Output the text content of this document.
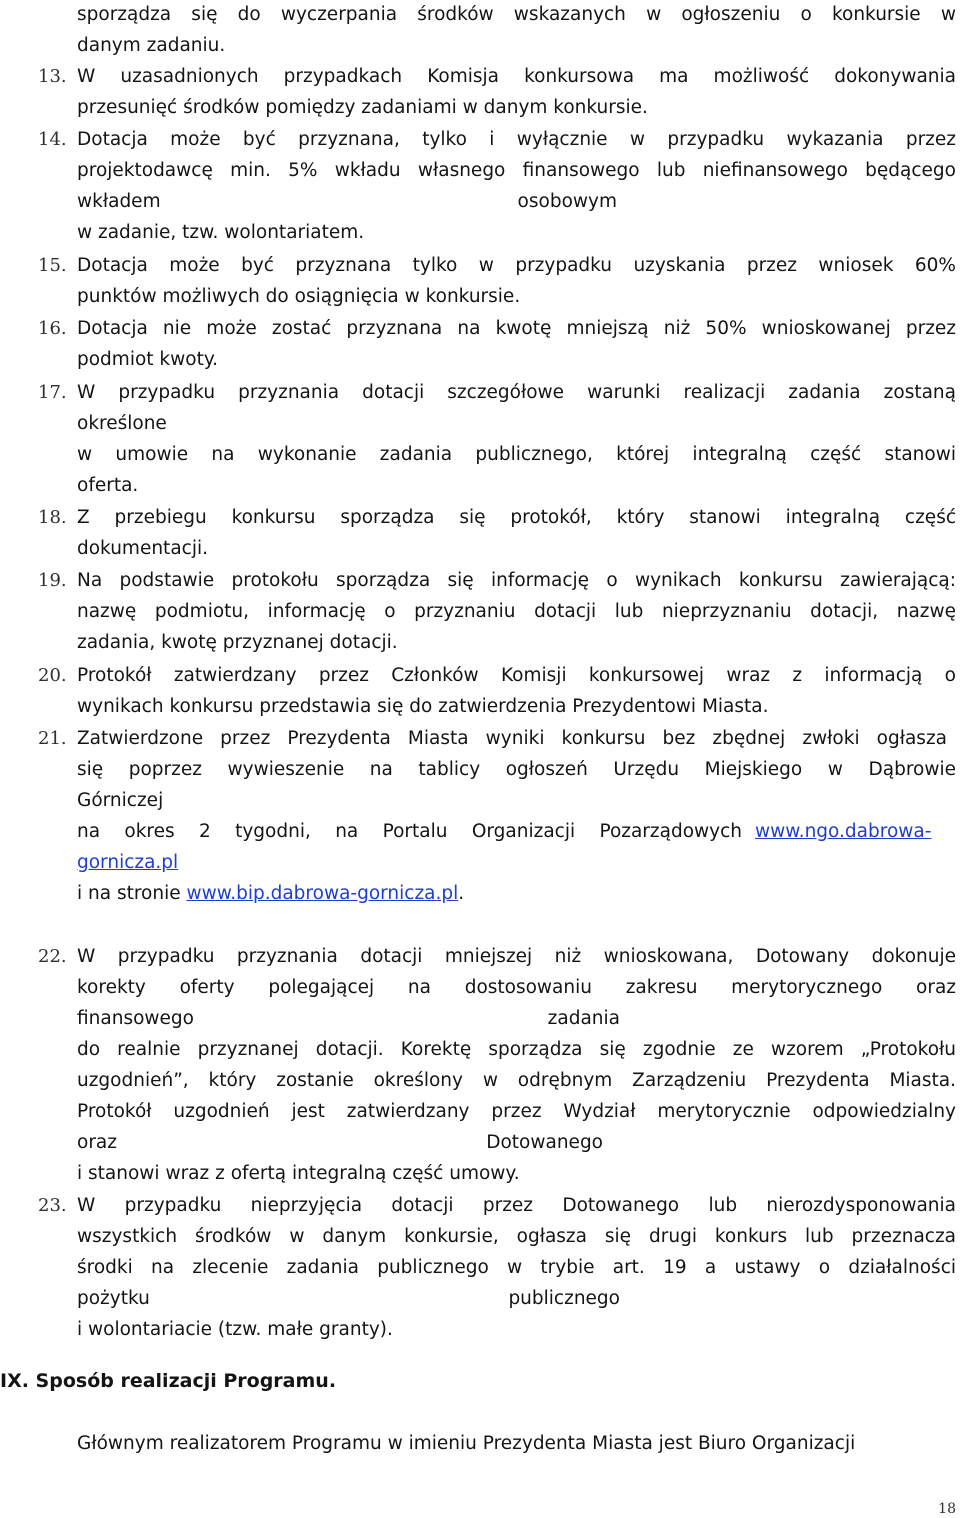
sporządza się do wyczerpania środków wskazanych w ogłoszeniu o konkursie w
danym zadaniu.
13. W uzasadnionych przypadkach Komisja konkursowa ma możliwość dokonywania
przesunięć środków pomiędzy zadaniami w danym konkursie.
14. Dotacja może być przyznana, tylko i wyłącznie w przypadku wykazania przez
projektodawcę min. 5% wkładu własnego finansowego lub niefinansowego będącego
wkładem osobowym
w zadanie, tzw. wolontariatem.
15. Dotacja może być przyznana tylko w przypadku uzyskania przez wniosek 60%
punktów możliwych do osiągnięcia w konkursie.
16. Dotacja nie może zostać przyznana na kwotę mniejszą niż 50% wnioskowanej przez
podmiot kwoty.
17. W przypadku przyznania dotacji szczegółowe warunki realizacji zadania zostaną
określone
w umowie na wykonanie zadania publicznego, której integralną część stanowi
oferta.
18. Z przebiegu konkursu sporządza się protokół, który stanowi integralną część
dokumentacji.
19. Na podstawie protokołu sporządza się informację o wynikach konkursu zawierającą:
nazwę podmiotu, informację o przyznaniu dotacji lub nieprzyznaniu dotacji, nazwę
zadania, kwotę przyznanej dotacji.
20. Protokół zatwierdzany przez Członków Komisji konkursowej wraz z informacją o
wynikach konkursu przedstawia się do zatwierdzenia Prezydentowi Miasta.
21. Zatwierdzone przez Prezydenta Miasta wyniki konkursu bez zbędnej zwłoki ogłasza
się poprzez wywieszenie na tablicy ogłoszeń Urzędu Miejskiego w Dąbrowie
Górniczej
na okres 2 tygodni, na Portalu Organizacji Pozarządowych www.ngo.dabrowa-
gornicza.pl
i na stronie www.bip.dabrowa-gornicza.pl.
22. W przypadku przyznania dotacji mniejszej niż wnioskowana, Dotowany dokonuje
korekty oferty polegającej na dostosowaniu zakresu merytorycznego oraz
finansowego zadania
do realnie przyznanej dotacji. Korektę sporządza się zgodnie ze wzorem „Protokołu
uzgodnień”, który zostanie określony w odrębnym Zarządzeniu Prezydenta Miasta.
Protokół uzgodnień jest zatwierdzany przez Wydział merytorycznie odpowiedzialny
oraz Dotowanego
i stanowi wraz z ofertą integralną część umowy.
23. W przypadku nieprzyjęcia dotacji przez Dotowanego lub nierozdysponowania
wszystkich środków w danym konkursie, ogłasza się drugi konkurs lub przeznacza
środki na zlecenie zadania publicznego w trybie art. 19 a ustawy o działalności
pożytku publicznego
i wolontariacie (tzw. małe granty).
IX. Sposób realizacji Programu.
Głównym realizatorem Programu w imieniu Prezydenta Miasta jest Biuro Organizacji
18
